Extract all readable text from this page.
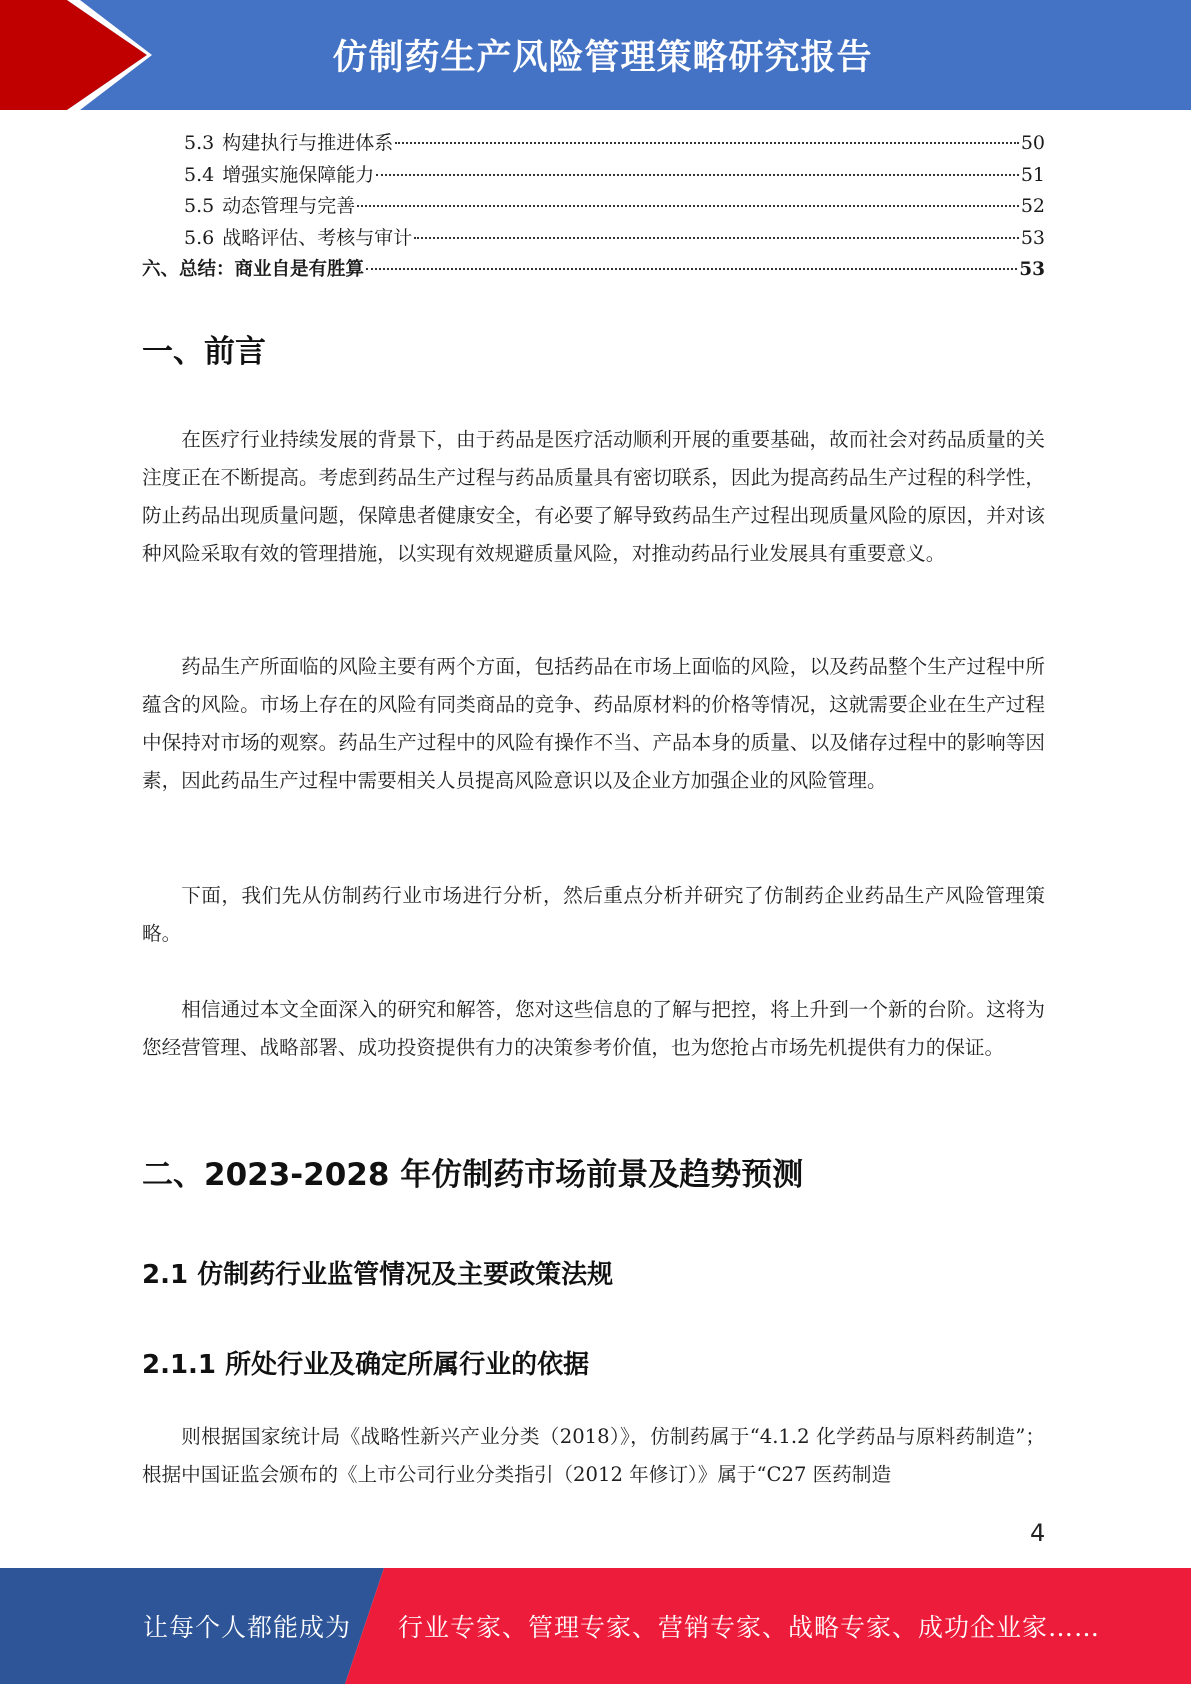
仿制药生产风险管理策略研究报告
5.3 构建执行与推进体系	50
5.4 增强实施保障能力	51
5.5 动态管理与完善	52
5.6 战略评估、考核与审计	53
六、总结：商业自是有胜算	53
一、前言

在医疗行业持续发展的背景下，由于药品是医疗活动顺利开展的重要基础，故而社会对药品质量的关注度正在不断提高。考虑到药品生产过程与药品质量具有密切联系，因此为提高药品生产过程的科学性，防止药品出现质量问题，保障患者健康安全，有必要了解导致药品生产过程出现质量风险的原因，并对该种风险采取有效的管理措施，以实现有效规避质量风险，对推动药品行业发展具有重要意义。

药品生产所面临的风险主要有两个方面，包括药品在市场上面临的风险，以及药品整个生产过程中所蕴含的风险。市场上存在的风险有同类商品的竞争、药品原材料的价格等情况，这就需要企业在生产过程中保持对市场的观察。药品生产过程中的风险有操作不当、产品本身的质量、以及储存过程中的影响等因素，因此药品生产过程中需要相关人员提高风险意识以及企业方加强企业的风险管理。

下面，我们先从仿制药行业市场进行分析，然后重点分析并研究了仿制药企业药品生产风险管理策略。

相信通过本文全面深入的研究和解答，您对这些信息的了解与把控，将上升到一个新的台阶。这将为您经营管理、战略部署、成功投资提供有力的决策参考价值，也为您抢占市场先机提供有力的保证。

二、2023-2028 年仿制药市场前景及趋势预测
2.1 仿制药行业监管情况及主要政策法规
2.1.1 所处行业及确定所属行业的依据

则根据国家统计局《战略性新兴产业分类（2018）》，仿制药属于“4.1.2 化学药品与原料药制造”；根据中国证监会颁布的《上市公司行业分类指引（2012 年修订）》属于“C27 医药制造

4
让每个人都能成为 行业专家、管理专家、营销专家、战略专家、成功企业家……
